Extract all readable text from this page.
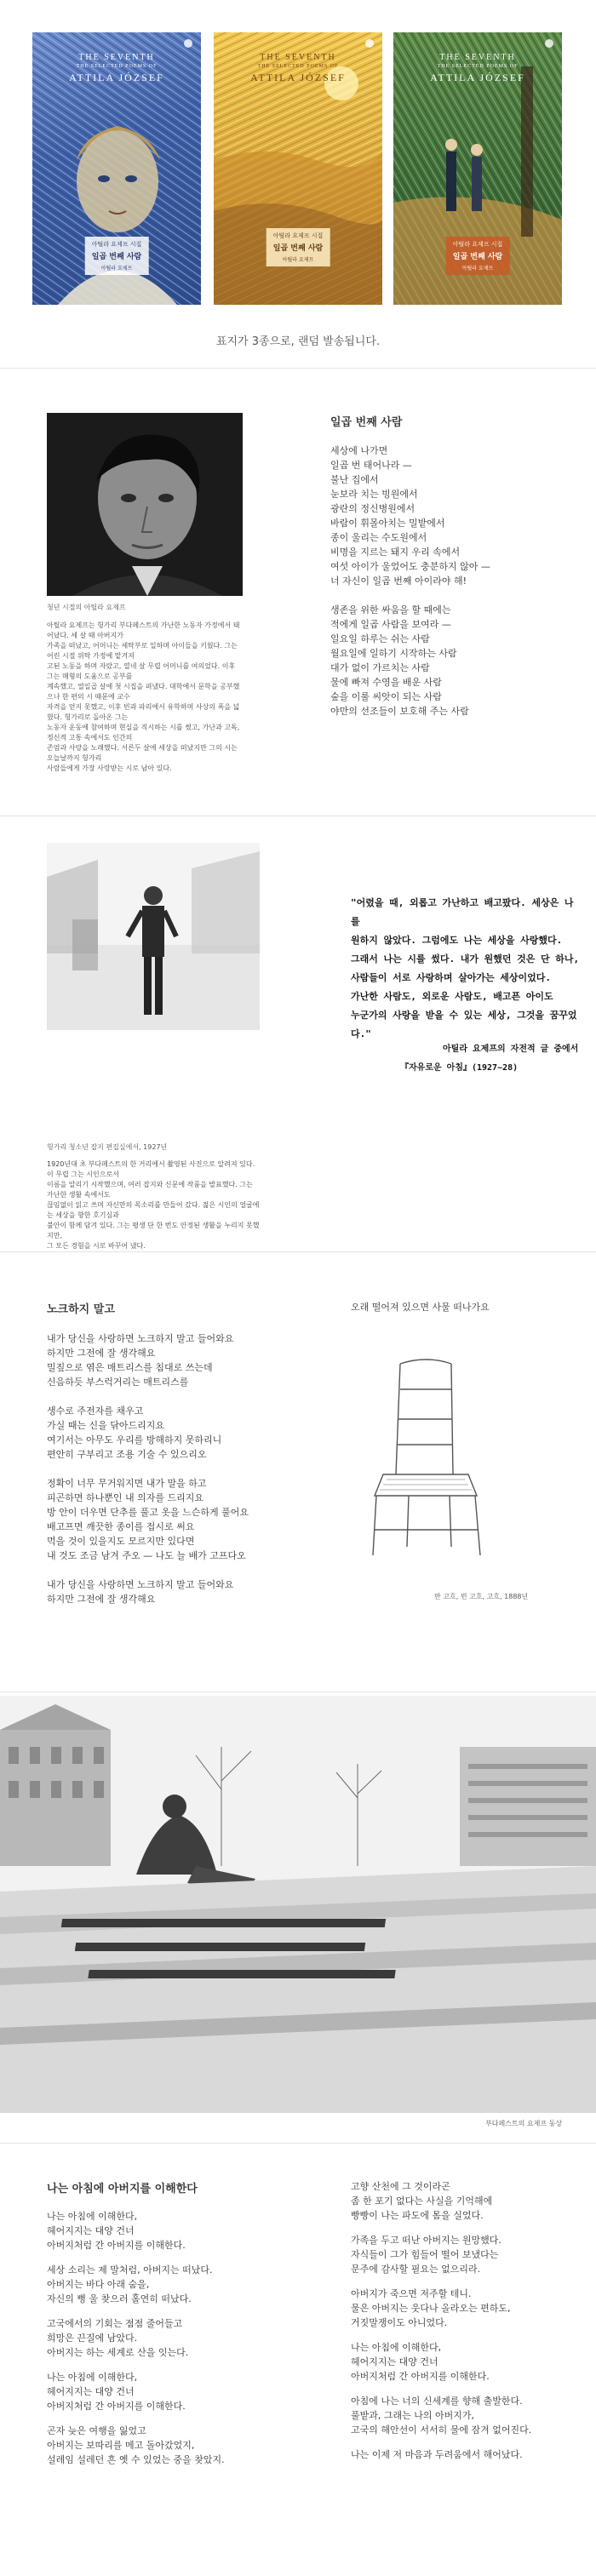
THE SEVENTH
THE SELECTED POEMS OF
ATTILA JÓZSEF
아틸라 요제프 시집
일곱 번째 사람
아틸라 요제프
THE SEVENTH
THE SELECTED POEMS OF
ATTILA JÓZSEF
아틸라 요제프 시집
일곱 번째 사람
아틸라 요제프
THE SEVENTH
THE SELECTED POEMS OF
ATTILA JÓZSEF
아틸라 요제프 시집
일곱 번째 사람
아틸라 요제프
표지가 3종으로, 랜덤 발송됩니다.
청년 시절의 아틸라 요제프
아틸라 요제프는 헝가리 부다페스트의 가난한 노동자 가정에서 태어났다. 세 살 때 아버지가
가족을 떠났고, 어머니는 세탁부로 일하며 아이들을 키웠다. 그는 어린 시절 위탁 가정에 맡겨져
고된 노동을 하며 자랐고, 열네 살 무렵 어머니를 여의었다. 이후 그는 매형의 도움으로 공부를
계속했고, 열일곱 살에 첫 시집을 펴냈다. 대학에서 문학을 공부했으나 한 편의 시 때문에 교수
자격을 얻지 못했고, 이후 빈과 파리에서 유학하며 사상의 폭을 넓혔다. 헝가리로 돌아온 그는
노동자 운동에 참여하며 현실을 직시하는 시를 썼고, 가난과 고독, 정신적 고통 속에서도 인간의
존엄과 사랑을 노래했다. 서른두 살에 세상을 떠났지만 그의 시는 오늘날까지 헝가리
사람들에게 가장 사랑받는 시로 남아 있다.
일곱 번째 사람
세상에 나가면
일곱 번 태어나라 —
불난 집에서
눈보라 치는 빙원에서
광란의 정신병원에서
바람이 휘몰아치는 밀밭에서
종이 울리는 수도원에서
비명을 지르는 돼지 우리 속에서
여섯 아이가 울었어도 충분하지 않아 —
너 자신이 일곱 번째 아이라야 해!
생존을 위한 싸움을 할 때에는
적에게 일곱 사람을 보여라 —
일요일 하루는 쉬는 사람
월요일에 일하기 시작하는 사람
대가 없이 가르치는 사람
물에 빠져 수영을 배운 사람
숲을 이룰 씨앗이 되는 사람
야만의 선조들이 보호해 주는 사람
헝가리 청소년 잡지 편집실에서, 1927년
1920년대 초 부다페스트의 한 거리에서 촬영된 사진으로 알려져 있다. 이 무렵 그는 시인으로서
이름을 알리기 시작했으며, 여러 잡지와 신문에 작품을 발표했다. 그는 가난한 생활 속에서도
끊임없이 읽고 쓰며 자신만의 목소리를 만들어 갔다. 젊은 시인의 얼굴에는 세상을 향한 호기심과
불안이 함께 담겨 있다. 그는 평생 단 한 번도 안정된 생활을 누리지 못했지만,
그 모든 경험을 시로 바꾸어 냈다.
"어렸을 때, 외롭고 가난하고 배고팠다. 세상은 나를
원하지 않았다. 그럼에도 나는 세상을 사랑했다.
그래서 나는 시를 썼다. 내가 원했던 것은 단 하나,
사람들이 서로 사랑하며 살아가는 세상이었다.
가난한 사람도, 외로운 사람도, 배고픈 아이도
누군가의 사랑을 받을 수 있는 세상, 그것을 꿈꾸었다."
아틸라 요제프의 자전적 글 중에서
『자유로운 아침』(1927~28)
노크하지 말고
내가 당신을 사랑하면 노크하지 말고 들어와요
하지만 그전에 잘 생각해요
밀짚으로 엮은 매트리스를 침대로 쓰는데
신음하듯 부스럭거리는 매트리스를
생수로 주전자를 채우고
가실 때는 신을 닦아드리지요
여기서는 아무도 우리를 방해하지 못하리니
편안히 구부리고 조용 기술 수 있으리오
정확이 너무 무거워지면 내가 말을 하고
피곤하면 하나뿐인 내 의자를 드리지요
방 안이 더우면 단추를 풀고 옷을 느슨하게 풀어요
배고프면 깨끗한 종이를 접시로 써요
먹을 것이 있을지도 모르지만 있다면
내 것도 조금 남겨 주오 — 나도 늘 배가 고프다오
내가 당신을 사랑하면 노크하지 말고 들어와요
하지만 그전에 잘 생각해요
오래 떨어져 있으면 사물 떠나가요
반 고흐, 빈 고흐, 고흐, 1888년
부다페스트의 요제프 동상
나는 아침에 아버지를 이해한다
나는 아침에 이해한다,
헤어지지는 대양 건너
아버지처럼 간 아버지를 이해한다.
세상 소리는 제 말처럼, 아버지는 떠났다.
아버지는 바다 아래 숨을,
자신의 뻥 울 찾으러 홀연히 떠났다.
고국에서의 기회는 점점 줄어들고
희망은 끈질에 남았다.
아버지는 하는 세계로 산을 잇는다.
나는 아침에 이해한다,
헤어지지는 대양 건너
아버지처럼 간 아버지를 이해한다.
곤자 늦은 여행을 잃었고
아버지는 보따리를 메고 돌아갔었지,
설레임 설레던 흔 옛 수 있었는 중을 찾았지.
고향 산천에 그 것이라곤
좀 한 포기 없다는 사실을 기억해에
빵빵이 나는 파도에 몸을 실었다.
가족을 두고 떠난 아버지는 원망했다.
자식들이 그가 힘들어 떨어 보냈다는
문주에 감사할 필요는 없으리라.
아버지가 죽으면 저주할 테니.
물은 아버지는 웃다나 올라오는 편하도,
거짓말쟁이도 아니었다.
나는 아침에 이해한다,
헤어지지는 대양 건너
아버지처럼 간 아버지를 이해한다.
아침에 나는 너의 신세계를 향해 출발한다.
풀밭과, 그래는 나의 아버지가,
고국의 해안선이 서서히 물에 잠겨 없어진다.
나는 이제 저 마음과 두려움에서 해어났다.
